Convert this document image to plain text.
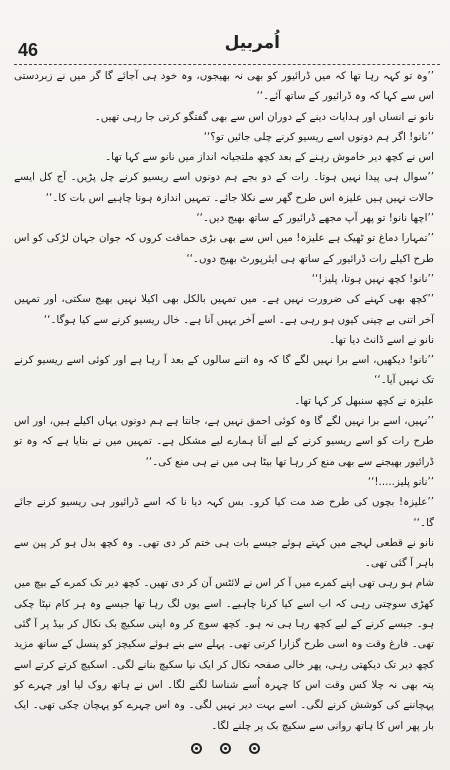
46	اُمربیل

’’وہ تو کہہ رہا تھا کہ میں ڈرائیور کو بھی نہ بھیجوں، وہ خود ہی آجائے گا گر میں نے زبردستی اس سے کہا کہ وہ ڈرائیور کے ساتھ آئے۔‘‘

نانو نے انساں اور ہدایات دینے کے دوران اس سے بھی گفتگو کرتی جا رہی تھیں۔

’’نانو! اگر ہم دونوں اسے ریسیو کرنے چلی جائیں تو؟‘‘

اس نے کچھ دیر خاموش رہنے کے بعد کچھ ملتجیانہ انداز میں نانو سے کہا تھا۔

’’سوال ہی پیدا نہیں ہوتا۔ رات کے دو بجے ہم دونوں اسے ریسیو کرنے چل پڑیں۔ آج کل ایسے حالات نہیں ہیں علیزہ اس طرح گھر سے نکلا جائے۔ تمہیں اندازہ ہونا چاہیے اس بات کا۔‘‘

’’اچھا نانو! تو پھر آپ مجھے ڈرائیور کے ساتھ بھیج دیں۔‘‘

’’تمہارا دماغ تو ٹھیک ہے علیزہ! میں اس سے بھی بڑی حماقت کروں کہ جوان جہان لڑکی کو اس طرح اکیلے رات ڈرائیور کے ساتھ ہی ایئرپورٹ بھیج دوں۔‘‘

’’نانو! کچھ نہیں ہوتا، پلیز!‘‘

’’کچھ بھی کہنے کی ضرورت نہیں ہے۔ میں تمہیں بالکل بھی اکیلا نہیں بھیج سکتی، اور تمہیں آخر اتنی بے چینی کیوں ہو رہی ہے۔ اسے آخر یہیں آنا ہے۔ خال ریسیو کرنے سے کیا ہوگا۔‘‘

نانو نے اسے ڈانٹ دیا تھا۔

’’نانو! دیکھیں، اسے برا نہیں لگے گا کہ وہ اتنے سالوں کے بعد آ رہا ہے اور کوئی اسے ریسیو کرنے تک نہیں آیا۔‘‘

علیزہ نے کچھ سنبھل کر کہا تھا۔

’’نہیں، اسے برا نہیں لگے گا وہ کوئی احمق نہیں ہے، جانتا ہے ہم دونوں یہاں اکیلے ہیں، اور اس طرح رات کو اسے ریسیو کرنے کے لیے آنا ہمارے لیے مشکل ہے۔ تمہیں میں نے بتایا ہے کہ وہ تو ڈرائیور بھیجنے سے بھی منع کر رہا تھا بیٹا ہی میں نے ہی منع کی۔‘‘

’’نانو پلیز.....!‘‘

’’علیزہ! بچوں کی طرح ضد مت کیا کرو۔ بس کہہ دیا نا کہ اسے ڈرائیور ہی ریسیو کرنے جائے گا۔‘‘

نانو نے قطعی لہجے میں کہتے ہوئے جیسے بات ہی ختم کر دی تھی۔ وہ کچھ بدل ہو کر پین سے باہر آ گئی تھی۔

شام ہو رہی تھی اپنے کمرے میں آ کر اس نے لائٹس آن کر دی تھیں۔ کچھ دیر تک کمرے کے بیچ میں کھڑی سوچتی رہی کہ اب اسے کیا کرنا چاہیے۔ اسے یوں لگ رہا تھا جیسے وہ ہر کام نپٹا چکی ہو۔ جیسے کرنے کے لیے کچھ رہا ہی نہ ہو۔ کچھ سوچ کر وہ اپنی سکیچ بک نکال کر بیڈ پر آ گئی تھی۔ فارغ وقت وہ اسی طرح گزارا کرتی تھی۔ پہلے سے بنے ہوئے سکیچز کو پنسل کے ساتھ مزید کچھ دیر تک دیکھتی رہی، پھر خالی صفحہ نکال کر ایک نیا سکیچ بنانے لگی۔ اسکیچ کرتے کرتے اسے پتہ بھی نہ چلا کس وقت اس کا چہرہ اُسے شناسا لگنے لگا۔ اس نے ہاتھ روک لیا اور چہرے کو پہچاننے کی کوشش کرنے لگی۔ اسے بہت دیر نہیں لگی۔ وہ اس چہرے کو پہچان چکی تھی۔ ایک بار پھر اس کا ہاتھ روانی سے سکیچ بک پر چلنے لگا۔
